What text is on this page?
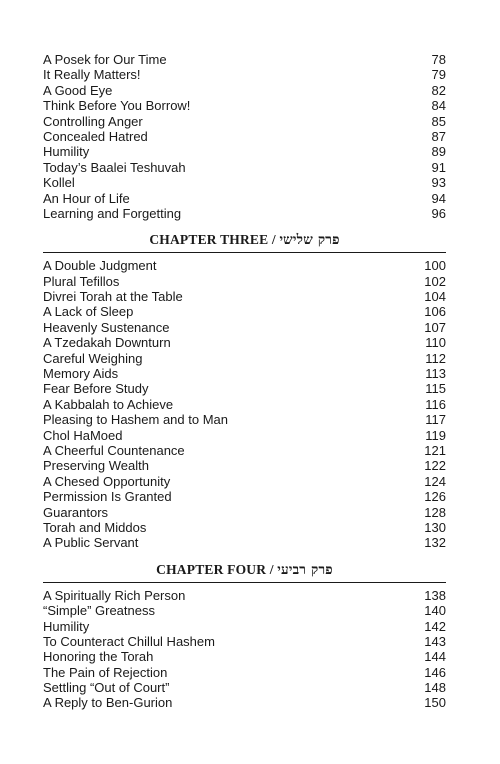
A Posek for Our Time	78
It Really Matters!	79
A Good Eye	82
Think Before You Borrow!	84
Controlling Anger	85
Concealed Hatred	87
Humility	89
Today’s Baalei Teshuvah	91
Kollel	93
An Hour of Life	94
Learning and Forgetting	96
CHAPTER THREE / פרק שלישי
A Double Judgment	100
Plural Tefillos	102
Divrei Torah at the Table	104
A Lack of Sleep	106
Heavenly Sustenance	107
A Tzedakah Downturn	110
Careful Weighing	112
Memory Aids	113
Fear Before Study	115
A Kabbalah to Achieve	116
Pleasing to Hashem and to Man	117
Chol HaMoed	119
A Cheerful Countenance	121
Preserving Wealth	122
A Chesed Opportunity	124
Permission Is Granted	126
Guarantors	128
Torah and Middos	130
A Public Servant	132
CHAPTER FOUR / פרק רביעי
A Spiritually Rich Person	138
“Simple” Greatness	140
Humility	142
To Counteract Chillul Hashem	143
Honoring the Torah	144
The Pain of Rejection	146
Settling “Out of Court”	148
A Reply to Ben-Gurion	150
